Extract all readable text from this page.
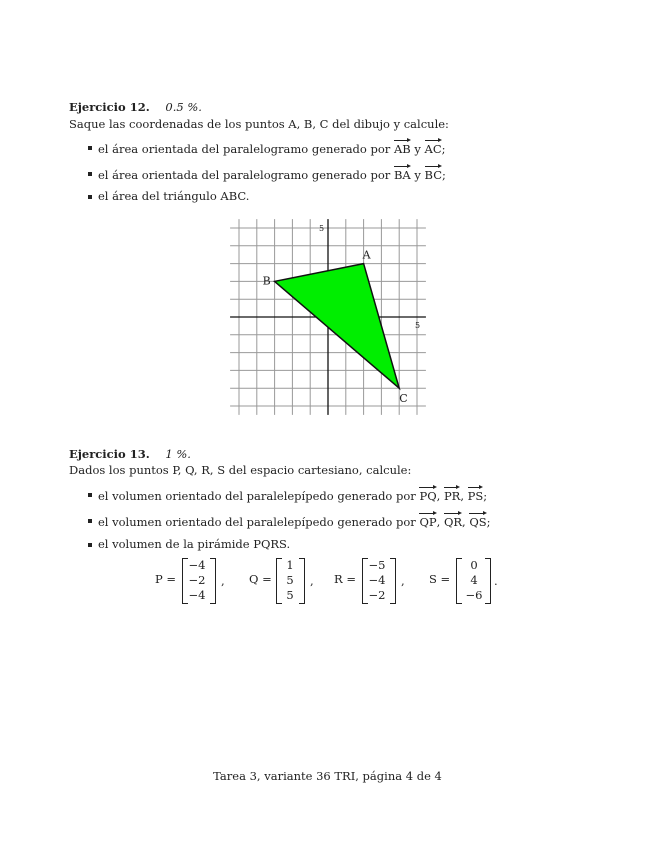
Ejercicio 12. 0.5 %.
Saque las coordenadas de los puntos A, B, C del dibujo y calcule:
el área orientada del paralelogramo generado por AB y AC;
el área orientada del paralelogramo generado por BA y BC;
el área del triángulo ABC.
5
5
A
B
C
Ejercicio 13. 1 %.
Dados los puntos P, Q, R, S del espacio cartesiano, calcule:
el volumen orientado del paralelepípedo generado por PQ, PR, PS;
el volumen orientado del paralelepípedo generado por QP, QR, QS;
el volumen de la pirámide PQRS.
P =
−4
−2
−4
, Q =
1
5
5
, R =
−5
−4
−2
, S =
0
4
−6
.
Tarea 3, variante 36 TRI, página 4 de 4
